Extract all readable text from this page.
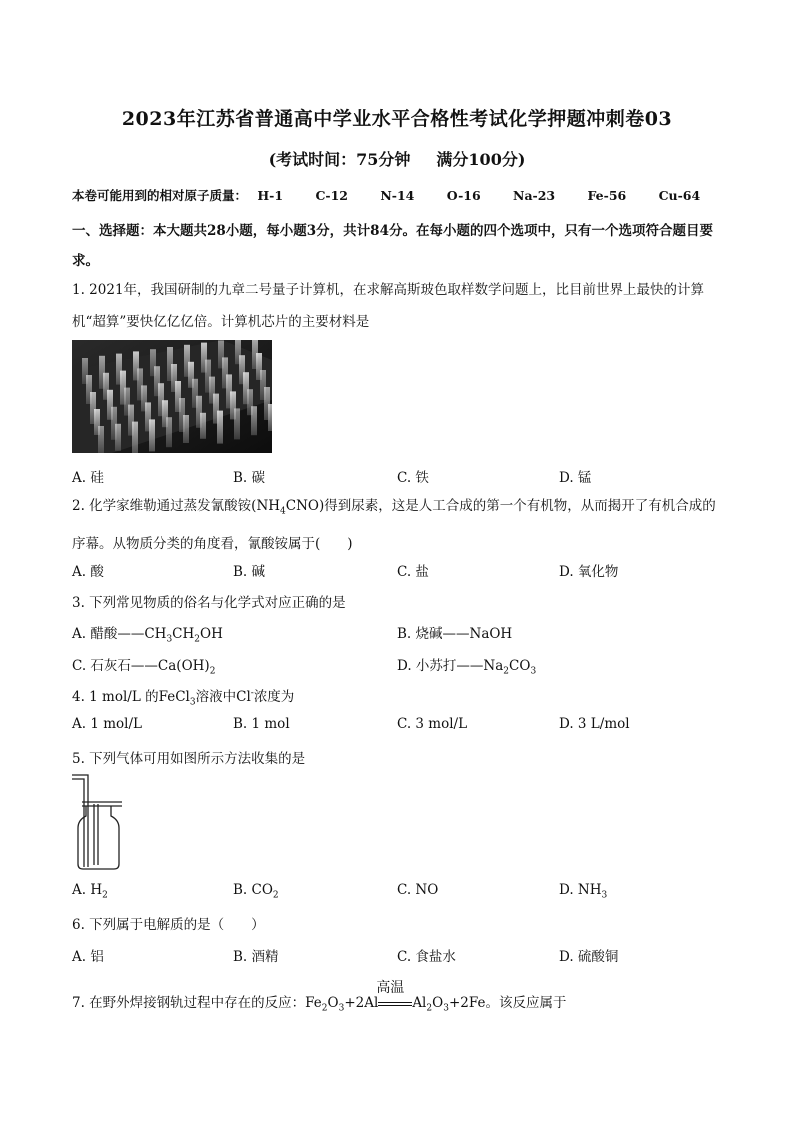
2023年江苏省普通高中学业水平合格性考试化学押题冲刺卷03
(考试时间：75分钟 满分100分)
本卷可能用到的相对原子质量： H-1	C-12	N-14	O-16	Na-23	Fe-56	Cu-64
一、选择题：本大题共28小题，每小题3分，共计84分。在每小题的四个选项中，只有一个选项符合题目要求。
1. 2021年，我国研制的九章二号量子计算机，在求解高斯玻色取样数学问题上，比目前世界上最快的计算机“超算”要快亿亿亿倍。计算机芯片的主要材料是
A. 硅	B. 碳	C. 铁	D. 锰
2. 化学家维勒通过蒸发氰酸铵$(NH_4CNO)$得到尿素，这是人工合成的第一个有机物，从而揭开了有机合成的序幕。从物质分类的角度看，氰酸铵属于(　　)
A. 酸	B. 碱	C. 盐	D. 氧化物
3. 下列常见物质的俗名与化学式对应正确的是
A. 醋酸$——CH_3CH_2OH$	B. 烧碱——NaOH
C. 石灰石$——Ca(OH)_2$	D. 小苏打$——Na_2CO_3$
4. 1 mol/L 的FeCl$_3$溶液中Cl-浓度为
A. 1 mol/L	B. 1 mol	C. 3 mol/L	D. 3 L/mol
5. 下列气体可用如图所示方法收集的是
A. $H_2$	B. $CO_2$	C. NO	D. $NH_3$
6. 下列属于电解质的是（　　）
A. 铝	B. 酒精	C. 食盐水	D. 硫酸铜
7. 在野外焊接钢轨过程中存在的反应：$Fe_2O_3+2Al$
高温
$Al_2O_3+2Fe$。该反应属于
